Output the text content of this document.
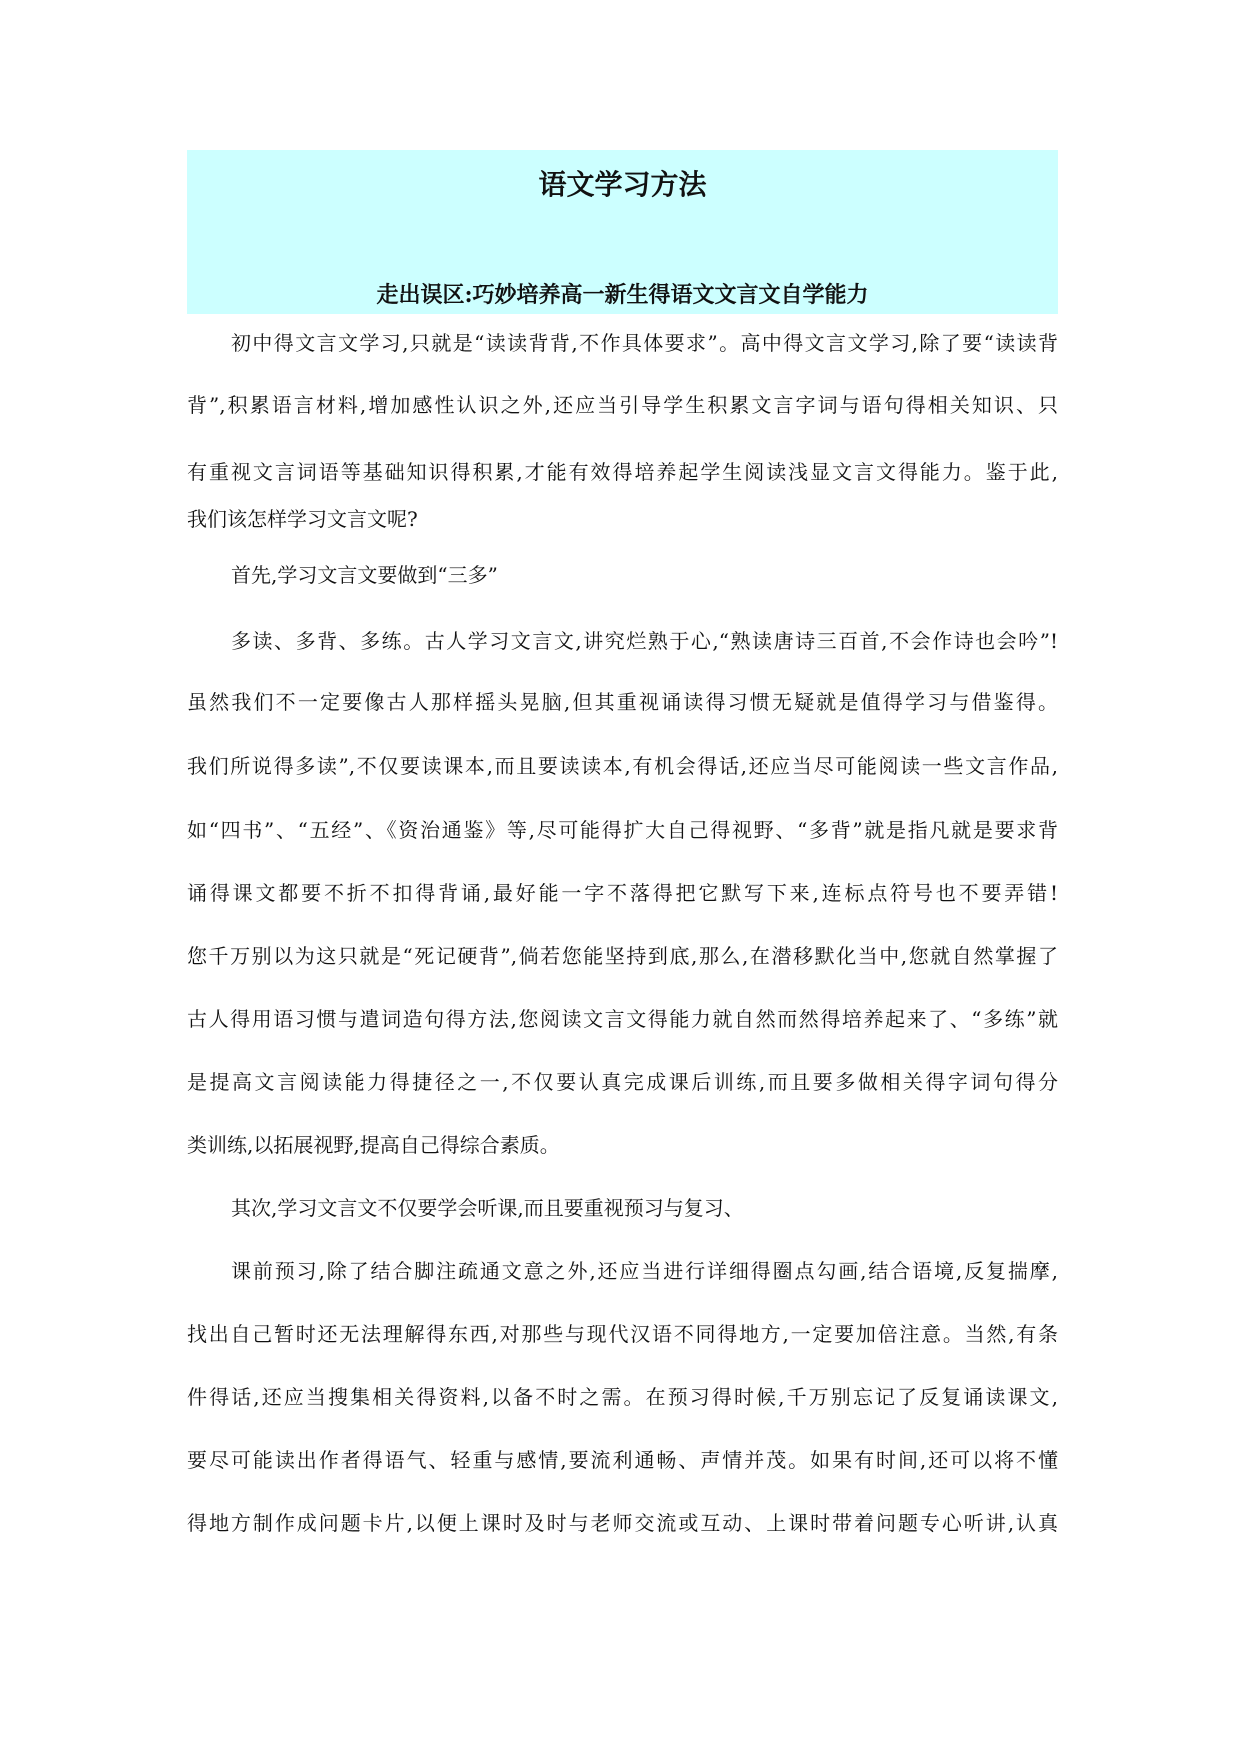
语文学习方法
走出误区:巧妙培养高一新生得语文文言文自学能力
初中得文言文学习,只就是“读读背背,不作具体要求”。高中得文言文学习,除了要“读读背
背”,积累语言材料,增加感性认识之外,还应当引导学生积累文言字词与语句得相关知识、只
有重视文言词语等基础知识得积累,才能有效得培养起学生阅读浅显文言文得能力。鉴于此,
我们该怎样学习文言文呢?
首先,学习文言文要做到“三多”
多读、多背、多练。古人学习文言文,讲究烂熟于心,“熟读唐诗三百首,不会作诗也会吟”!
虽然我们不一定要像古人那样摇头晃脑,但其重视诵读得习惯无疑就是值得学习与借鉴得。
我们所说得多读”,不仅要读课本,而且要读读本,有机会得话,还应当尽可能阅读一些文言作品,
如“四书”、“五经”、《资治通鉴》等,尽可能得扩大自己得视野、“多背”就是指凡就是要求背
诵得课文都要不折不扣得背诵,最好能一字不落得把它默写下来,连标点符号也不要弄错!
您千万别以为这只就是“死记硬背”,倘若您能坚持到底,那么,在潜移默化当中,您就自然掌握了
古人得用语习惯与遣词造句得方法,您阅读文言文得能力就自然而然得培养起来了、“多练”就
是提高文言阅读能力得捷径之一,不仅要认真完成课后训练,而且要多做相关得字词句得分
类训练,以拓展视野,提高自己得综合素质。
其次,学习文言文不仅要学会听课,而且要重视预习与复习、
课前预习,除了结合脚注疏通文意之外,还应当进行详细得圈点勾画,结合语境,反复揣摩,
找出自己暂时还无法理解得东西,对那些与现代汉语不同得地方,一定要加倍注意。当然,有条
件得话,还应当搜集相关得资料,以备不时之需。在预习得时候,千万别忘记了反复诵读课文,
要尽可能读出作者得语气、轻重与感情,要流利通畅、声情并茂。如果有时间,还可以将不懂
得地方制作成问题卡片,以便上课时及时与老师交流或互动、上课时带着问题专心听讲,认真
